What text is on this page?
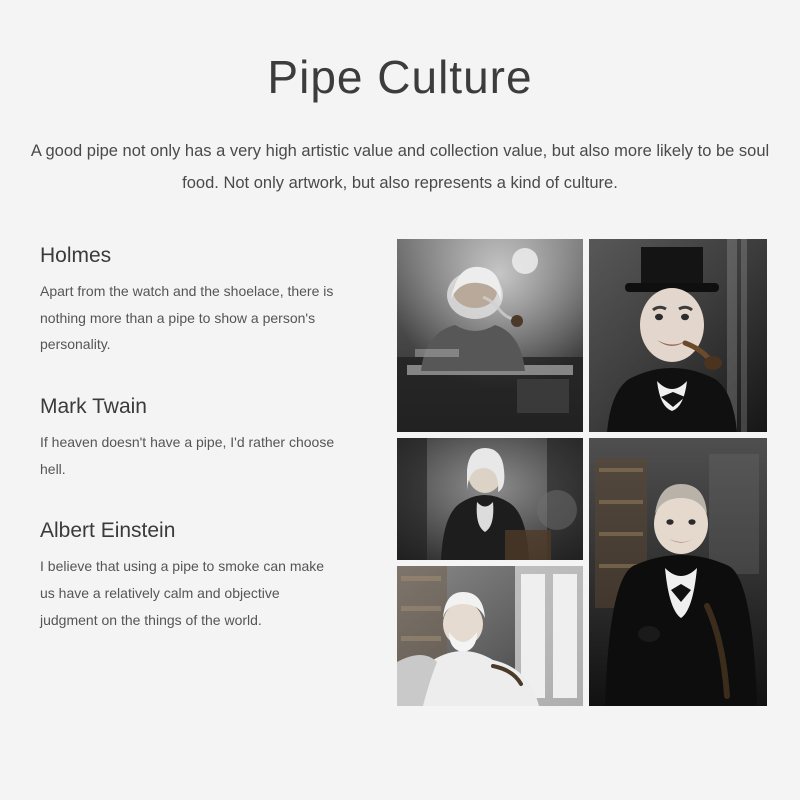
Pipe Culture

A good pipe not only has a very high artistic value and collection value, but also more likely to be soul food. Not only artwork, but also represents a kind of culture.

Holmes

Apart from the watch and the shoelace, there is nothing more than a pipe to show a person's personality.

Mark Twain

If heaven doesn't have a pipe, I'd rather choose hell.

Albert Einstein

I believe that using a pipe to smoke can make us have a relatively calm and objective judgment on the things of the world.
